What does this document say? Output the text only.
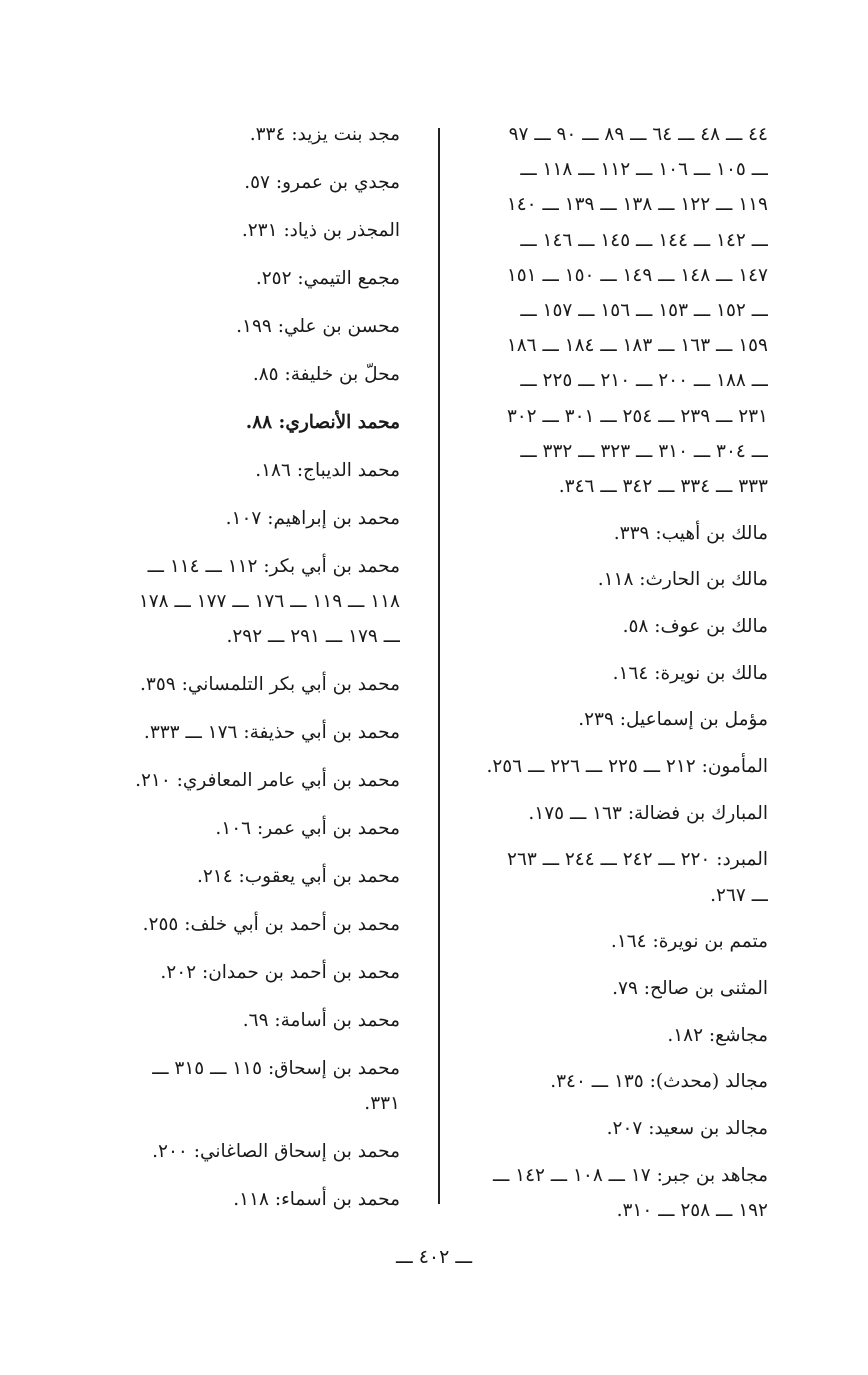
٤٤ ـــ ٤٨ ـــ ٦٤ ـــ ٨٩ ـــ ٩٠ ـــ ٩٧
ـــ ١٠٥ ـــ ١٠٦ ـــ ١١٢ ـــ ١١٨ ـــ
١١٩ ـــ ١٢٢ ـــ ١٣٨ ـــ ١٣٩ ـــ ١٤٠
ـــ ١٤٢ ـــ ١٤٤ ـــ ١٤٥ ـــ ١٤٦ ـــ
١٤٧ ـــ ١٤٨ ـــ ١٤٩ ـــ ١٥٠ ـــ ١٥١
ـــ ١٥٢ ـــ ١٥٣ ـــ ١٥٦ ـــ ١٥٧ ـــ
١٥٩ ـــ ١٦٣ ـــ ١٨٣ ـــ ١٨٤ ـــ ١٨٦
ـــ ١٨٨ ـــ ٢٠٠ ـــ ٢١٠ ـــ ٢٢٥ ـــ
٢٣١ ـــ ٢٣٩ ـــ ٢٥٤ ـــ ٣٠١ ـــ ٣٠٢
ـــ ٣٠٤ ـــ ٣١٠ ـــ ٣٢٣ ـــ ٣٣٢ ـــ
٣٣٣ ـــ ٣٣٤ ـــ ٣٤٢ ـــ ٣٤٦.
مالك بن أهيب: ٣٣٩.
مالك بن الحارث: ١١٨.
مالك بن عوف: ٥٨.
مالك بن نويرة: ١٦٤.
مؤمل بن إسماعيل: ٢٣٩.
المأمون: ٢١٢ ـــ ٢٢٥ ـــ ٢٢٦ ـــ ٢٥٦.
المبارك بن فضالة: ١٦٣ ـــ ١٧٥.
المبرد: ٢٢٠ ـــ ٢٤٢ ـــ ٢٤٤ ـــ ٢٦٣
ـــ ٢٦٧.
متمم بن نويرة: ١٦٤.
المثنى بن صالح: ٧٩.
مجاشع: ١٨٢.
مجالد (محدث): ١٣٥ ـــ ٣٤٠.
مجالد بن سعيد: ٢٠٧.
مجاهد بن جبر: ١٧ ـــ ١٠٨ ـــ ١٤٢ ـــ
١٩٢ ـــ ٢٥٨ ـــ ٣١٠.
مجد بنت يزيد: ٣٣٤.
مجدي بن عمرو: ٥٧.
المجذر بن ذياد: ٢٣١.
مجمع التيمي: ٢٥٢.
محسن بن علي: ١٩٩.
محلّ بن خليفة: ٨٥.
محمد الأنصاري: ٨٨.
محمد الديباج: ١٨٦.
محمد بن إبراهيم: ١٠٧.
محمد بن أبي بكر: ١١٢ ـــ ١١٤ ـــ
١١٨ ـــ ١١٩ ـــ ١٧٦ ـــ ١٧٧ ـــ ١٧٨
ـــ ١٧٩ ـــ ٢٩١ ـــ ٢٩٢.
محمد بن أبي بكر التلمساني: ٣٥٩.
محمد بن أبي حذيفة: ١٧٦ ـــ ٣٣٣.
محمد بن أبي عامر المعافري: ٢١٠.
محمد بن أبي عمر: ١٠٦.
محمد بن أبي يعقوب: ٢١٤.
محمد بن أحمد بن أبي خلف: ٢٥٥.
محمد بن أحمد بن حمدان: ٢٠٢.
محمد بن أسامة: ٦٩.
محمد بن إسحاق: ١١٥ ـــ ٣١٥ ـــ
٣٣١.
محمد بن إسحاق الصاغاني: ٢٠٠.
محمد بن أسماء: ١١٨.
ـــ ٤٠٢ ـــ
